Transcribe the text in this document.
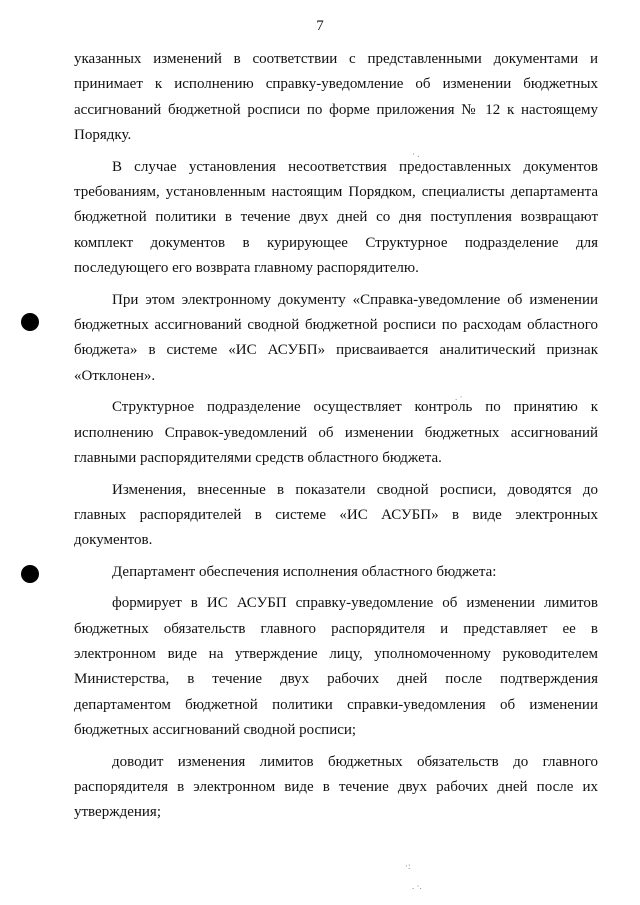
7
· .
. ·
·:
. ·.

указанных изменений в соответствии с представленными документами и принимает к исполнению справку-уведомление об изменении бюджетных ассигнований бюджетной росписи по форме приложения № 12 к настоящему Порядку.

В случае установления несоответствия предоставленных документов требованиям, установленным настоящим Порядком, специалисты департамента бюджетной политики в течение двух дней со дня поступления возвращают комплект документов в курирующее Структурное подразделение для последующего его возврата главному распорядителю.

При этом электронному документу «Справка-уведомление об изменении бюджетных ассигнований сводной бюджетной росписи по расходам областного бюджета» в системе «ИС АСУБП» присваивается аналитический признак «Отклонен».

Структурное подразделение осуществляет контроль по принятию к исполнению Справок-уведомлений об изменении бюджетных ассигнований главными распорядителями средств областного бюджета.

Изменения, внесенные в показатели сводной росписи, доводятся до главных распорядителей в системе «ИС АСУБП» в виде электронных документов.

Департамент обеспечения исполнения областного бюджета:

формирует в ИС АСУБП справку-уведомление об изменении лимитов бюджетных обязательств главного распорядителя и представляет ее в электронном виде на утверждение лицу, уполномоченному руководителем Министерства, в течение двух рабочих дней после подтверждения департаментом бюджетной политики справки-уведомления об изменении бюджетных ассигнований сводной росписи;

доводит изменения лимитов бюджетных обязательств до главного распорядителя в электронном виде в течение двух рабочих дней после их утверждения;
